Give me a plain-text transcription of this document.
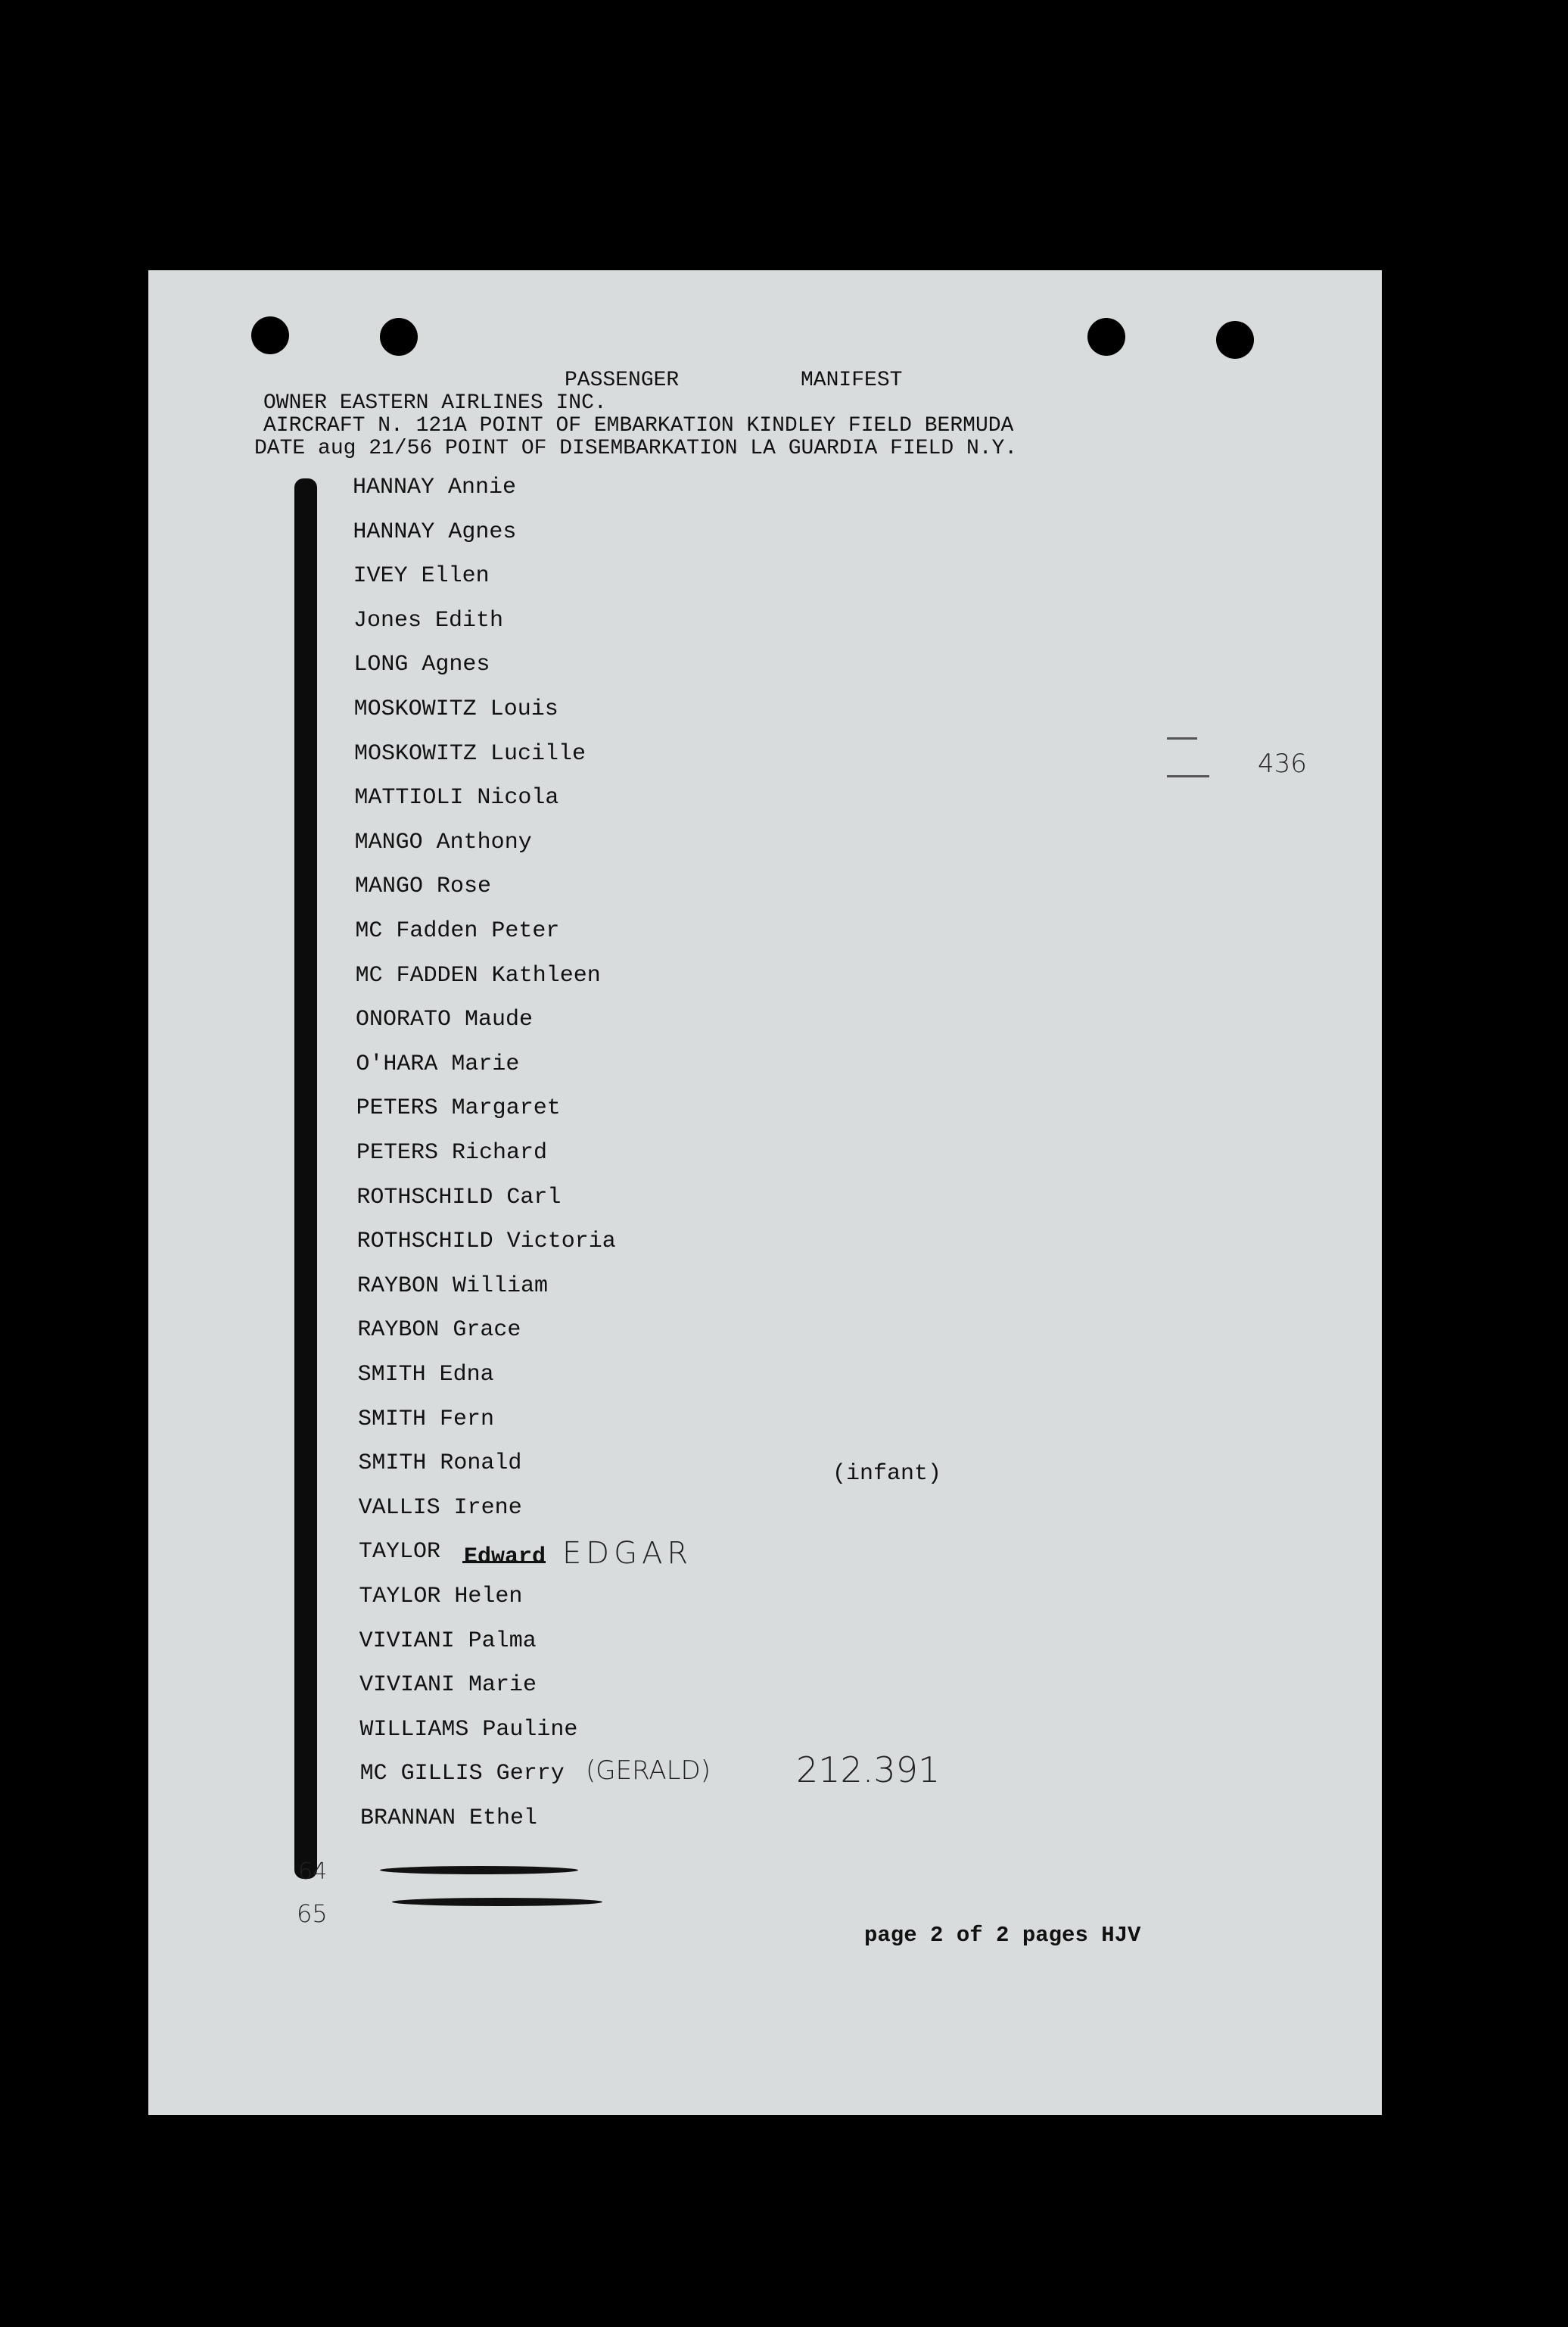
PASSENGER	MANIFEST
OWNER EASTERN AIRLINES INC.
AIRCRAFT N. 121A POINT OF EMBARKATION KINDLEY FIELD BERMUDA
DATE aug 21/56 POINT OF DISEMBARKATION LA GUARDIA FIELD N.Y.
HANNAY Annie
HANNAY Agnes
IVEY Ellen
Jones Edith
LONG Agnes
MOSKOWITZ Louis
MOSKOWITZ Lucille
MATTIOLI Nicola
MANGO Anthony
MANGO Rose
MC Fadden Peter
MC FADDEN Kathleen
ONORATO Maude
O'HARA Marie
PETERS Margaret
PETERS Richard
ROTHSCHILD Carl
ROTHSCHILD Victoria
RAYBON William
RAYBON Grace
SMITH Edna
SMITH Fern
SMITH Ronald
VALLIS Irene
TAYLOR
TAYLOR Helen
VIVIANI Palma
VIVIANI Marie
WILLIAMS Pauline
MC GILLIS Gerry
BRANNAN Ethel
(infant)
Edward EDGAR
(GERALD) 212.391
436
64
65
page 2 of 2 pages HJV
